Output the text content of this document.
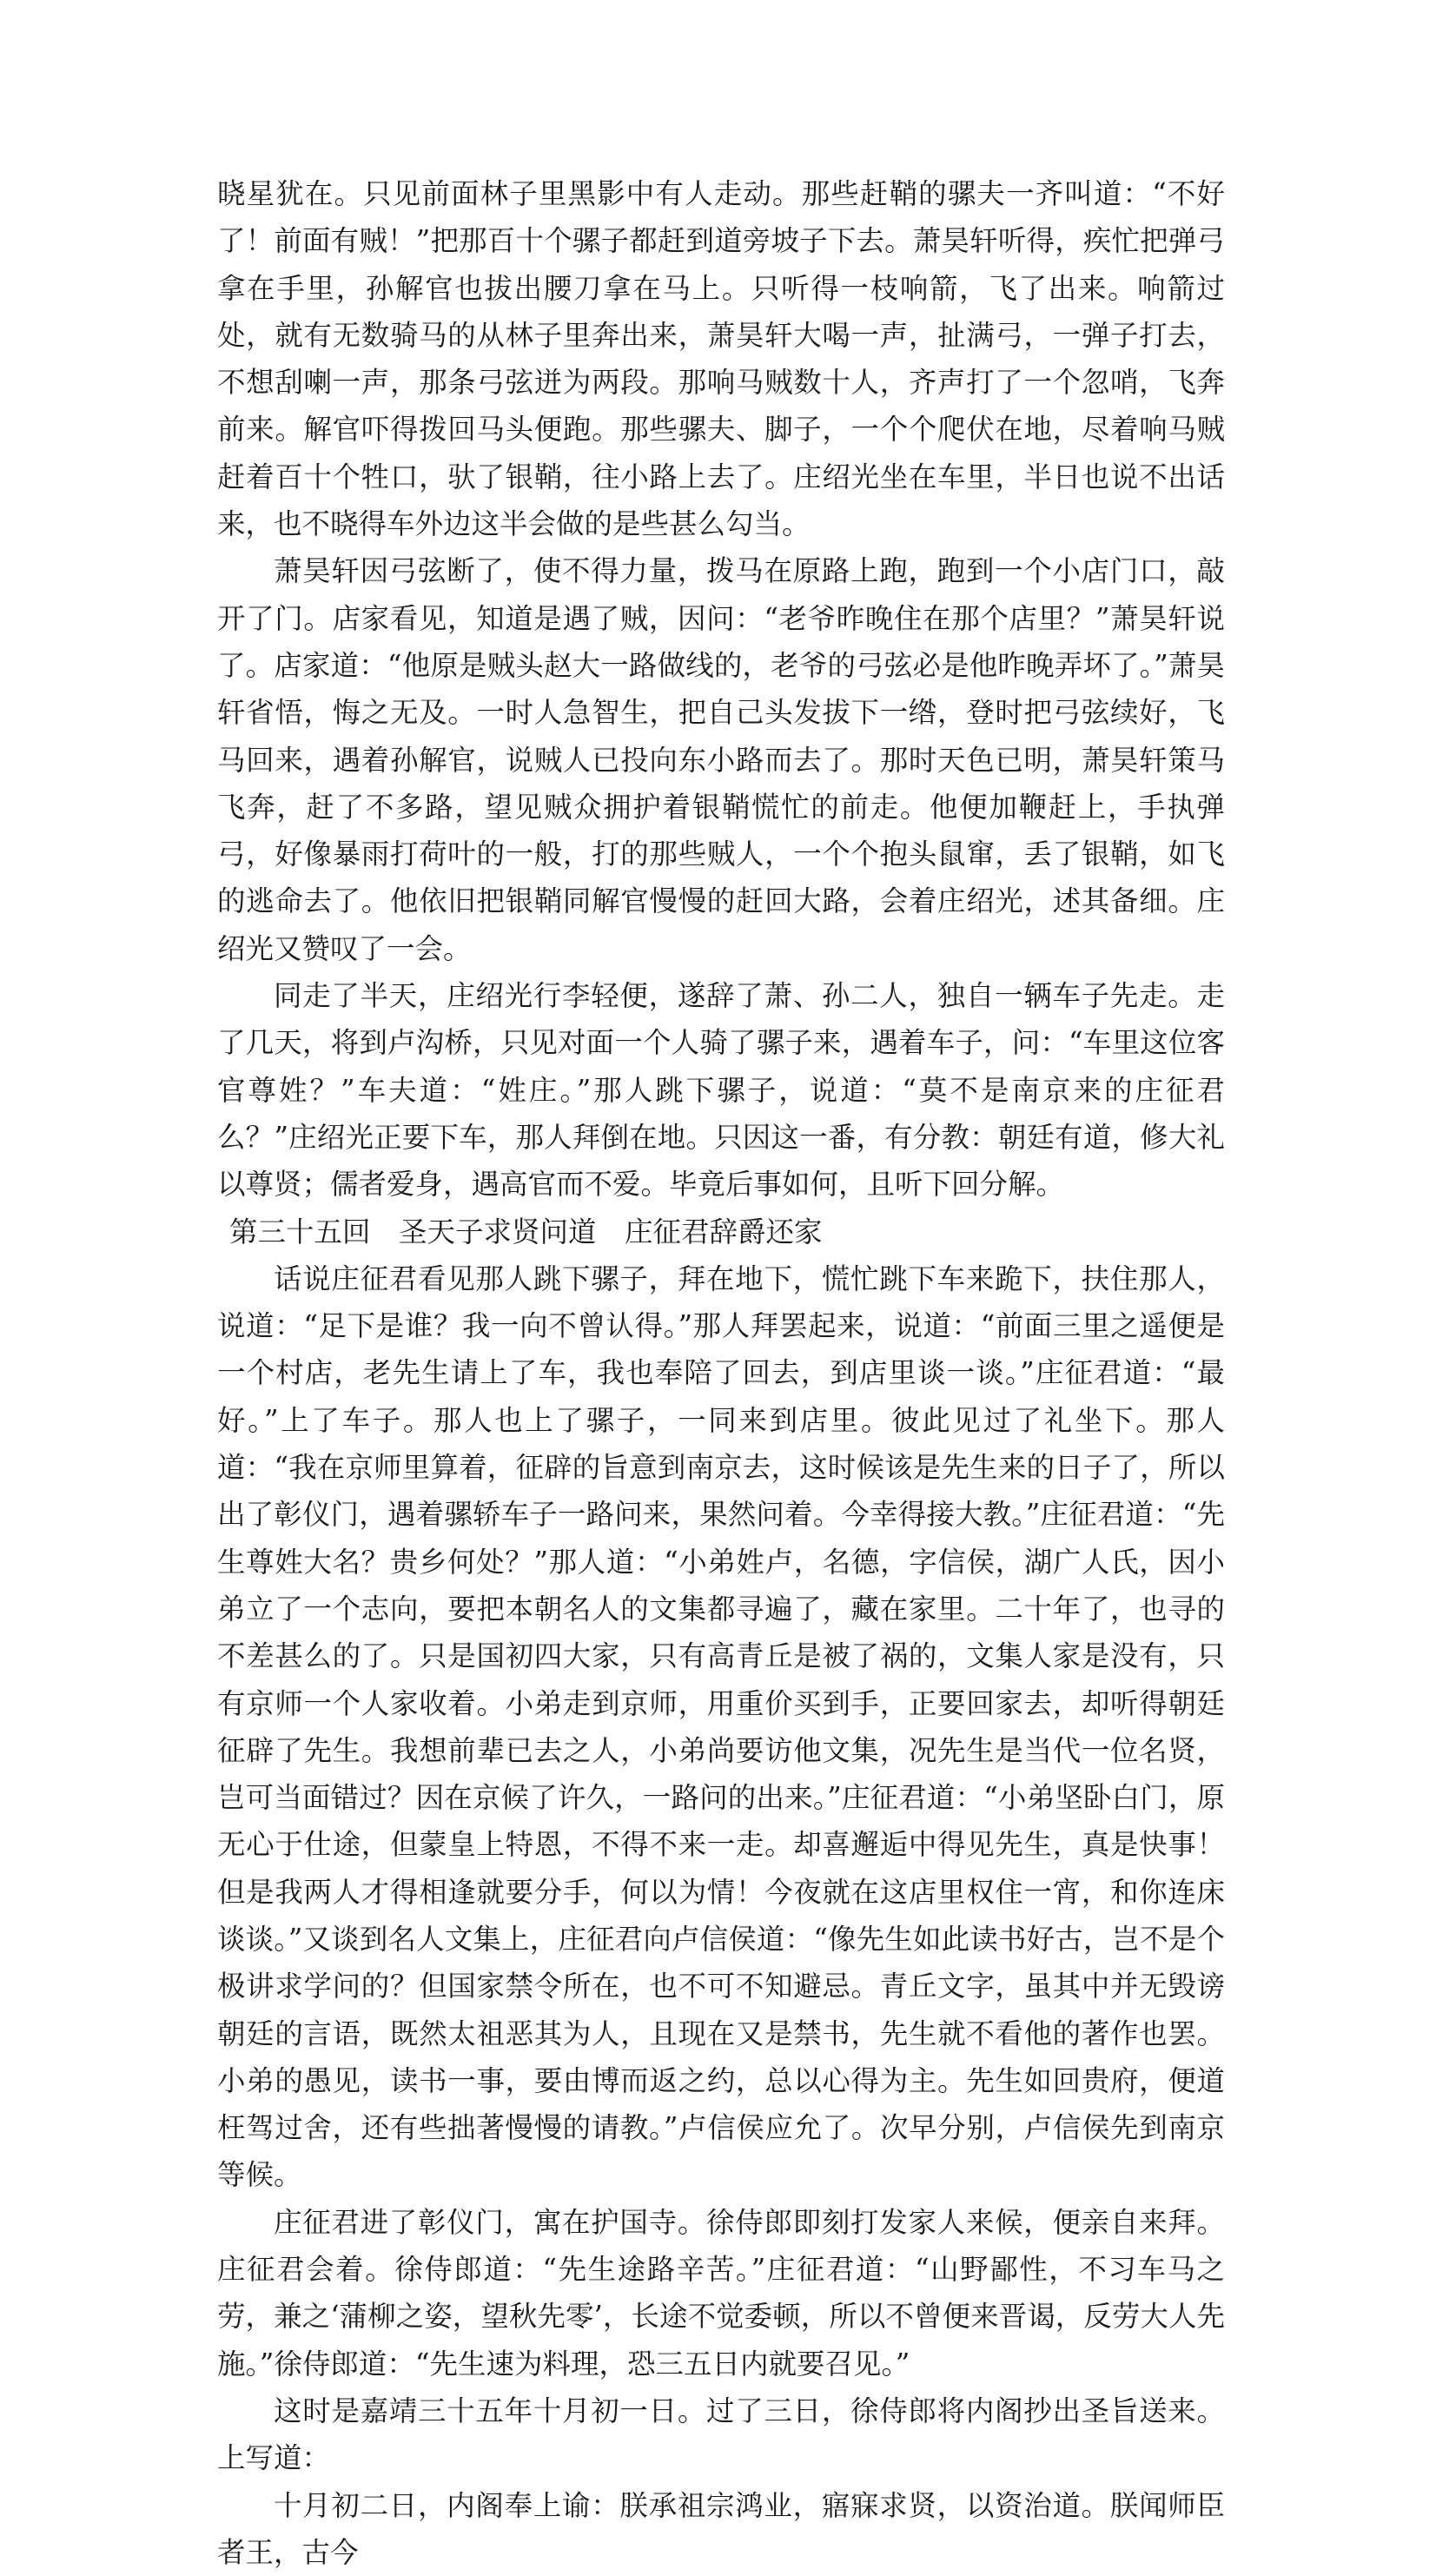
晓星犹在。只见前面林子里黑影中有人走动。那些赶鞘的骡夫一齐叫道：“不好了！前面有贼！”把那百十个骡子都赶到道旁坡子下去。萧昊轩听得，疾忙把弹弓拿在手里，孙解官也拔出腰刀拿在马上。只听得一枝响箭，飞了出来。响箭过处，就有无数骑马的从林子里奔出来，萧昊轩大喝一声，扯满弓，一弹子打去，不想刮喇一声，那条弓弦迸为两段。那响马贼数十人，齐声打了一个忽哨，飞奔前来。解官吓得拨回马头便跑。那些骡夫、脚子，一个个爬伏在地，尽着响马贼赶着百十个牲口，驮了银鞘，往小路上去了。庄绍光坐在车里，半日也说不出话来，也不晓得车外边这半会做的是些甚么勾当。

萧昊轩因弓弦断了，使不得力量，拨马在原路上跑，跑到一个小店门口，敲开了门。店家看见，知道是遇了贼，因问：“老爷昨晚住在那个店里？”萧昊轩说了。店家道：“他原是贼头赵大一路做线的，老爷的弓弦必是他昨晚弄坏了。”萧昊轩省悟，悔之无及。一时人急智生，把自己头发拔下一绺，登时把弓弦续好，飞马回来，遇着孙解官，说贼人已投向东小路而去了。那时天色已明，萧昊轩策马飞奔，赶了不多路，望见贼众拥护着银鞘慌忙的前走。他便加鞭赶上，手执弹弓，好像暴雨打荷叶的一般，打的那些贼人，一个个抱头鼠窜，丢了银鞘，如飞的逃命去了。他依旧把银鞘同解官慢慢的赶回大路，会着庄绍光，述其备细。庄绍光又赞叹了一会。

同走了半天，庄绍光行李轻便，遂辞了萧、孙二人，独自一辆车子先走。走了几天，将到卢沟桥，只见对面一个人骑了骡子来，遇着车子，问：“车里这位客官尊姓？”车夫道：“姓庄。”那人跳下骡子，说道：“莫不是南京来的庄征君么？”庄绍光正要下车，那人拜倒在地。只因这一番，有分教：朝廷有道，修大礼以尊贤；儒者爱身，遇高官而不爱。毕竟后事如何，且听下回分解。

第三十五回　圣天子求贤问道　庄征君辞爵还家

话说庄征君看见那人跳下骡子，拜在地下，慌忙跳下车来跪下，扶住那人，说道：“足下是谁？我一向不曾认得。”那人拜罢起来，说道：“前面三里之遥便是一个村店，老先生请上了车，我也奉陪了回去，到店里谈一谈。”庄征君道：“最好。”上了车子。那人也上了骡子，一同来到店里。彼此见过了礼坐下。那人道：“我在京师里算着，征辟的旨意到南京去，这时候该是先生来的日子了，所以出了彰仪门，遇着骡轿车子一路问来，果然问着。今幸得接大教。”庄征君道：“先生尊姓大名？贵乡何处？”那人道：“小弟姓卢，名德，字信侯，湖广人氏，因小弟立了一个志向，要把本朝名人的文集都寻遍了，藏在家里。二十年了，也寻的不差甚么的了。只是国初四大家，只有高青丘是被了祸的，文集人家是没有，只有京师一个人家收着。小弟走到京师，用重价买到手，正要回家去，却听得朝廷征辟了先生。我想前辈已去之人，小弟尚要访他文集，况先生是当代一位名贤，岂可当面错过？因在京候了许久，一路问的出来。”庄征君道：“小弟坚卧白门，原无心于仕途，但蒙皇上特恩，不得不来一走。却喜邂逅中得见先生，真是快事！但是我两人才得相逢就要分手，何以为情！今夜就在这店里权住一宵，和你连床谈谈。”又谈到名人文集上，庄征君向卢信侯道：“像先生如此读书好古，岂不是个极讲求学问的？但国家禁令所在，也不可不知避忌。青丘文字，虽其中并无毁谤朝廷的言语，既然太祖恶其为人，且现在又是禁书，先生就不看他的著作也罢。小弟的愚见，读书一事，要由博而返之约，总以心得为主。先生如回贵府，便道枉驾过舍，还有些拙著慢慢的请教。”卢信侯应允了。次早分别，卢信侯先到南京等候。

庄征君进了彰仪门，寓在护国寺。徐侍郎即刻打发家人来候，便亲自来拜。庄征君会着。徐侍郎道：“先生途路辛苦。”庄征君道：“山野鄙性，不习车马之劳，兼之‘蒲柳之姿，望秋先零’，长途不觉委顿，所以不曾便来晋谒，反劳大人先施。”徐侍郎道：“先生速为料理，恐三五日内就要召见。”

这时是嘉靖三十五年十月初一日。过了三日，徐侍郎将内阁抄出圣旨送来。上写道：

十月初二日，内阁奉上谕：朕承祖宗鸿业，寤寐求贤，以资治道。朕闻师臣者王，古今
